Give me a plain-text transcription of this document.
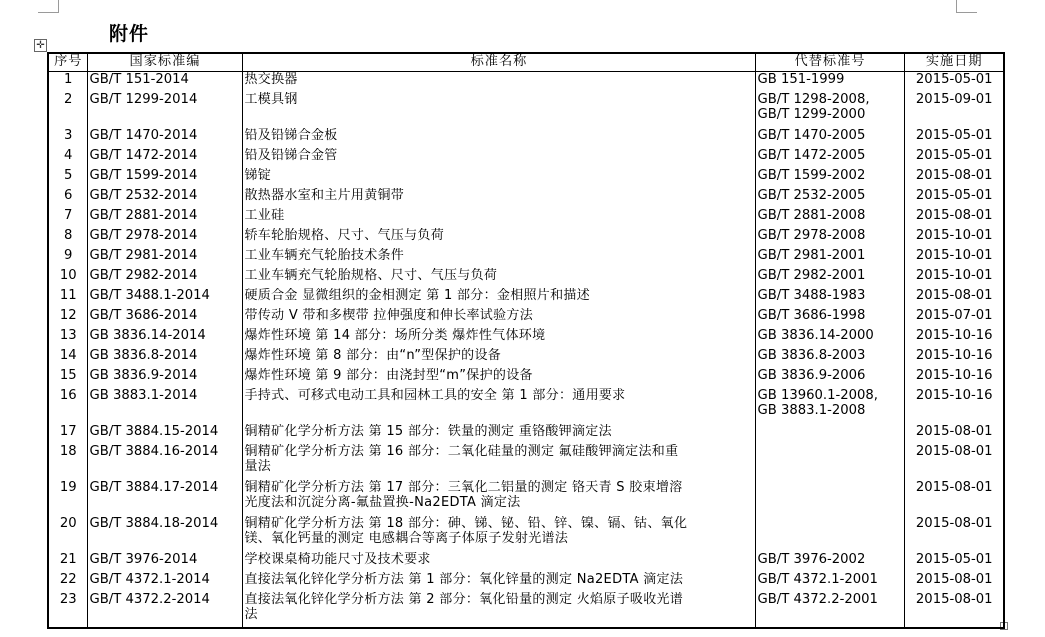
附件
✛
序号	国家标准编	标准名称	代替标准号	实施日期
1	GB/T 151-2014	热交换器	GB 151-1999	2015-05-01
2	GB/T 1299-2014	工模具钢	GB/T 1298-2008,
GB/T 1299-2000	2015-09-01
3	GB/T 1470-2014	铅及铅锑合金板	GB/T 1470-2005	2015-05-01
4	GB/T 1472-2014	铅及铅锑合金管	GB/T 1472-2005	2015-05-01
5	GB/T 1599-2014	锑锭	GB/T 1599-2002	2015-08-01
6	GB/T 2532-2014	散热器水室和主片用黄铜带	GB/T 2532-2005	2015-05-01
7	GB/T 2881-2014	工业硅	GB/T 2881-2008	2015-08-01
8	GB/T 2978-2014	轿车轮胎规格、尺寸、气压与负荷	GB/T 2978-2008	2015-10-01
9	GB/T 2981-2014	工业车辆充气轮胎技术条件	GB/T 2981-2001	2015-10-01
10	GB/T 2982-2014	工业车辆充气轮胎规格、尺寸、气压与负荷	GB/T 2982-2001	2015-10-01
11	GB/T 3488.1-2014	硬质合金 显微组织的金相测定 第 1 部分：金相照片和描述	GB/T 3488-1983	2015-08-01
12	GB/T 3686-2014	带传动 V 带和多楔带 拉伸强度和伸长率试验方法	GB/T 3686-1998	2015-07-01
13	GB 3836.14-2014	爆炸性环境 第 14 部分：场所分类 爆炸性气体环境	GB 3836.14-2000	2015-10-16
14	GB 3836.8-2014	爆炸性环境 第 8 部分：由“n”型保护的设备	GB 3836.8-2003	2015-10-16
15	GB 3836.9-2014	爆炸性环境 第 9 部分：由浇封型“m”保护的设备	GB 3836.9-2006	2015-10-16
16	GB 3883.1-2014	手持式、可移式电动工具和园林工具的安全 第 1 部分：通用要求	GB 13960.1-2008,
GB 3883.1-2008	2015-10-16
17	GB/T 3884.15-2014	铜精矿化学分析方法 第 15 部分：铁量的测定 重铬酸钾滴定法		2015-08-01
18	GB/T 3884.16-2014	铜精矿化学分析方法 第 16 部分：二氧化硅量的测定 氟硅酸钾滴定法和重
量法		2015-08-01
19	GB/T 3884.17-2014	铜精矿化学分析方法 第 17 部分：三氧化二铝量的测定 铬天青 S 胶束增溶
光度法和沉淀分离-氟盐置换-Na2EDTA 滴定法		2015-08-01
20	GB/T 3884.18-2014	铜精矿化学分析方法 第 18 部分：砷、锑、铋、铅、锌、镍、镉、钴、氧化
镁、氧化钙量的测定 电感耦合等离子体原子发射光谱法		2015-08-01
21	GB/T 3976-2014	学校课桌椅功能尺寸及技术要求	GB/T 3976-2002	2015-05-01
22	GB/T 4372.1-2014	直接法氧化锌化学分析方法 第 1 部分：氧化锌量的测定 Na2EDTA 滴定法	GB/T 4372.1-2001	2015-08-01
23	GB/T 4372.2-2014	直接法氧化锌化学分析方法 第 2 部分：氧化铅量的测定 火焰原子吸收光谱
法	GB/T 4372.2-2001	2015-08-01
